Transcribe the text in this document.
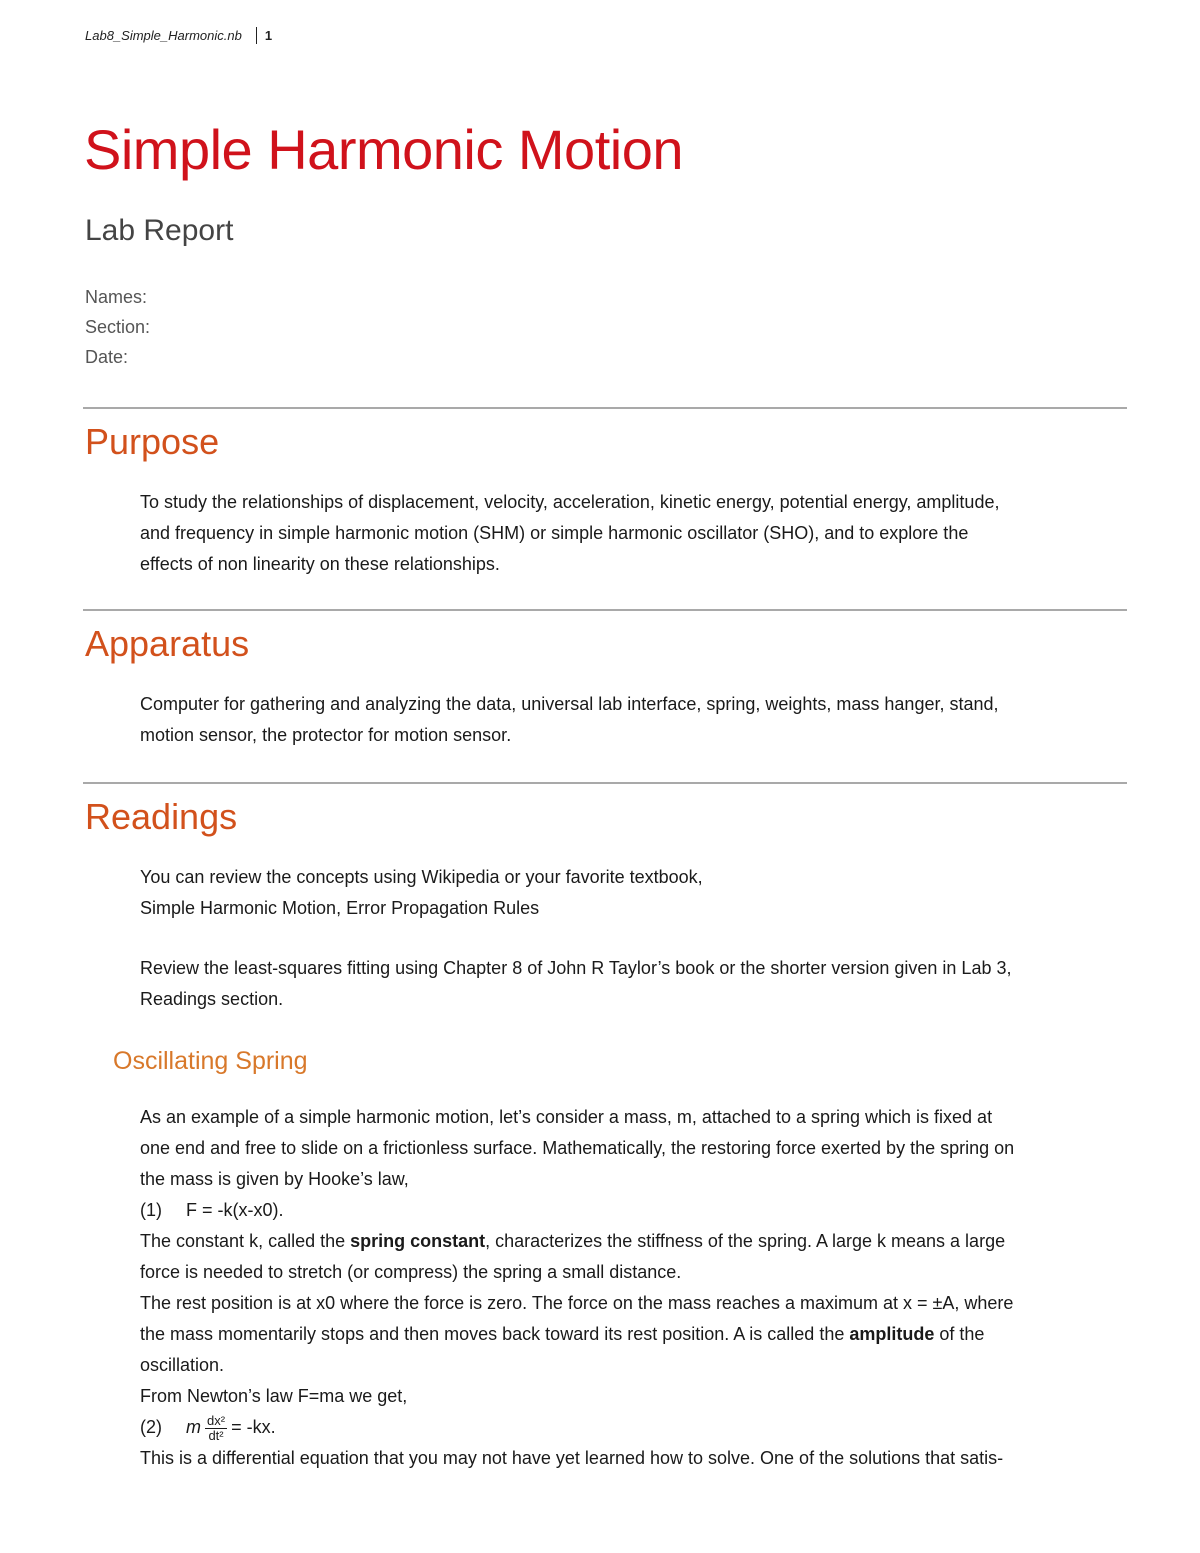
Lab8_Simple_Harmonic.nb 1
Simple Harmonic Motion
Lab Report
Names:
Section:
Date:
Purpose
To study the relationships of displacement, velocity, acceleration, kinetic energy, potential energy, amplitude,
and frequency in simple harmonic motion (SHM) or simple harmonic oscillator (SHO), and to explore the
effects of non linearity on these relationships.
Apparatus
Computer for gathering and analyzing the data, universal lab interface, spring, weights, mass hanger, stand,
motion sensor, the protector for motion sensor.
Readings
You can review the concepts using Wikipedia or your favorite textbook,
Simple Harmonic Motion, Error Propagation Rules
Review the least-squares fitting using Chapter 8 of John R Taylor’s book or the shorter version given in Lab 3,
Readings section.
Oscillating Spring
As an example of a simple harmonic motion, let’s consider a mass, m, attached to a spring which is fixed at
one end and free to slide on a frictionless surface. Mathematically, the restoring force exerted by the spring on
the mass is given by Hooke’s law,
(1) F = -k(x-x0).
The constant k, called the spring constant, characterizes the stiffness of the spring. A large k means a large
force is needed to stretch (or compress) the spring a small distance.
The rest position is at x0 where the force is zero. The force on the mass reaches a maximum at x = ±A, where
the mass momentarily stops and then moves back toward its rest position. A is called the amplitude of the
oscillation.
From Newton’s law F=ma we get,
(2) m $\frac{\text{dx²}}{\text{dt²}} = -kx$.
This is a differential equation that you may not have yet learned how to solve. One of the solutions that satis-
